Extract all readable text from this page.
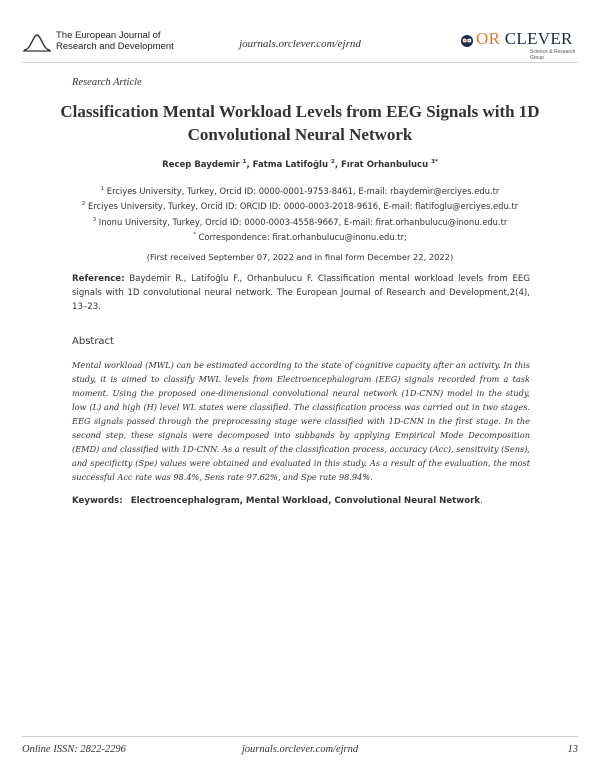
The European Journal of
Research and Development	journals.orclever.com/ejrnd	OR CLEVER
Science & Research Group
Research Article
Classification Mental Workload Levels from EEG Signals with 1D Convolutional Neural Network
Recep Baydemir $^1$, Fatma Latifoğlu $^2$, Fırat Orhanbulucu $^{3*}$
$^1$ Erciyes University, Turkey, Orcid ID: 0000-0001-9753-8461, E-mail: rbaydemir@erciyes.edu.tr
$^2$ Erciyes University, Turkey, Orcid ID: ORCID ID: 0000-0003-2018-9616, E-mail: flatifoglu@erciyes.edu.tr
$^3$ Inonu University, Turkey, Orcid ID: 0000-0003-4558-9667, E-mail: firat.orhanbulucu@inonu.edu.tr
* Correspondence: firat.orhanbulucu@inonu.edu.tr;
(First received September 07, 2022 and in final form December 22, 2022)
Reference: Baydemir R., Latifoğlu F., Orhanbulucu F. Classification mental workload levels from EEG signals with 1D convolutional neural network. The European Journal of Research and Development,2(4), 13–23.
Abstract
Mental workload (MWL) can be estimated according to the state of cognitive capacity after an activity. In this study, it is aimed to classify MWL levels from Electroencephalogram (EEG) signals recorded from a task moment. Using the proposed one-dimensional convolutional neural network (1D-CNN) model in the study, low (L) and high (H) level WL states were classified. The classification process was carried out in two stages. EEG signals passed through the preprocessing stage were classified with 1D-CNN in the first stage. In the second step, these signals were decomposed into subbands by applying Empirical Mode Decomposition (EMD) and classified with 1D-CNN. As a result of the classification process, accuracy (Acc), sensitivity (Sens), and specificity (Spe) values were obtained and evaluated in this study. As a result of the evaluation, the most successful Acc rate was 98.4%, Sens rate 97.62%, and Spe rate 98.94%.
Keywords: Electroencephalogram, Mental Workload, Convolutional Neural Network.
journals.orclever.com/ejrnd
Online ISSN: 2822-2296	13
